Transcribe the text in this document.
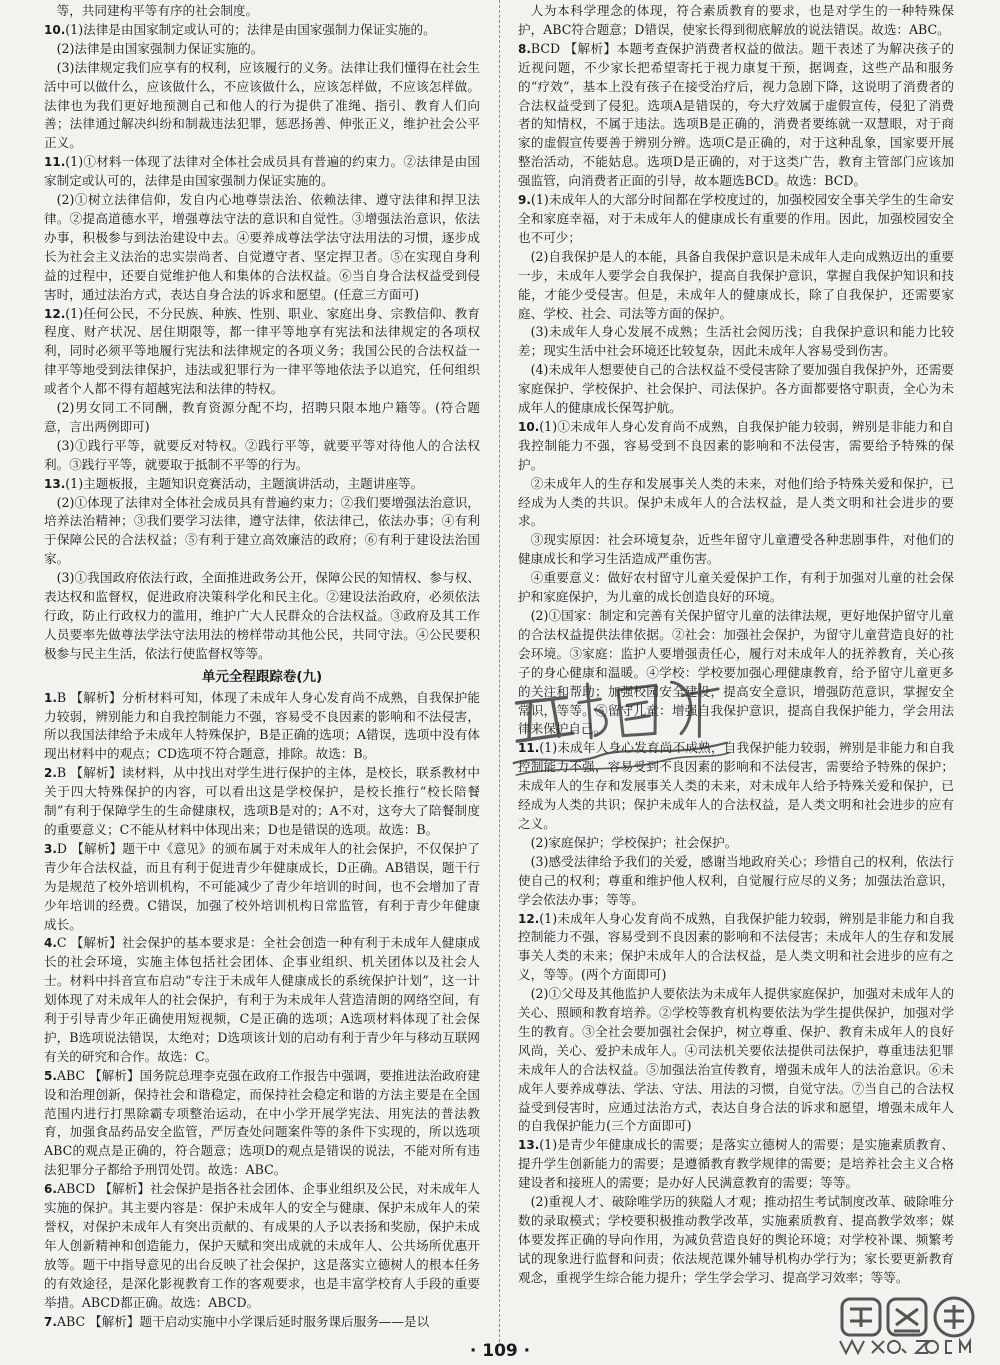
等，共同建构平等有序的社会制度。

10.(1)法律是由国家制定或认可的；法律是由国家强制力保证实施的。

(2)法律是由国家强制力保证实施的。

(3)法律规定我们应享有的权利，应该履行的义务。法律让我们懂得在社会生活中可以做什么，应该做什么，不应该做什么，应该怎样做，不应该怎样做。法律也为我们更好地预测自己和他人的行为提供了准绳、指引、教育人们向善；法律通过解决纠纷和制裁违法犯罪，惩恶扬善、伸张正义，维护社会公平正义。

11.(1)①材料一体现了法律对全体社会成员具有普遍的约束力。②法律是由国家制定或认可的，法律是由国家强制力保证实施的。

(2)①树立法律信仰，发自内心地尊崇法治、依赖法律、遵守法律和捍卫法律。②提高道德水平，增强尊法守法的意识和自觉性。③增强法治意识，依法办事，积极参与到法治建设中去。④要养成尊法学法守法用法的习惯，逐步成长为社会主义法治的忠实崇尚者、自觉遵守者、坚定捍卫者。⑤在实现自身利益的过程中，还要自觉维护他人和集体的合法权益。⑥当自身合法权益受到侵害时，通过法治方式，表达自身合法的诉求和愿望。(任意三方面可)

12.(1)任何公民，不分民族、种族、性别、职业、家庭出身、宗教信仰、教育程度、财产状况、居住期限等，都一律平等地享有宪法和法律规定的各项权利，同时必须平等地履行宪法和法律规定的各项义务；我国公民的合法权益一律平等地受到法律保护，违法或犯罪行为一律平等地依法予以追究，任何组织或者个人都不得有超越宪法和法律的特权。

(2)男女同工不同酬，教育资源分配不均，招聘只限本地户籍等。(符合题意，言出两例即可)

(3)①践行平等，就要反对特权。②践行平等，就要平等对待他人的合法权利。③践行平等，就要取于抵制不平等的行为。

13.(1)主题板报，主题知识竞赛活动，主题演讲活动，主题讲座等。

(2)①体现了法律对全体社会成员具有普遍约束力；②我们要增强法治意识，培养法治精神；③我们要学习法律，遵守法律，依法律己，依法办事；④有利于保障公民的合法权益；⑤有利于建立高效廉洁的政府；⑥有利于建设法治国家。

(3)①我国政府依法行政，全面推进政务公开，保障公民的知情权、参与权、表达权和监督权，促进政府决策科学化和民主化。②建设法治政府，必须依法行政，防止行政权力的滥用，维护广大人民群众的合法权益。③政府及其工作人员要率先做尊法学法守法用法的榜样带动其他公民，共同守法。④公民要积极参与民主生活，依法行使监督权等等。

单元全程跟踪卷(九)

1.B 【解析】分析材料可知，体现了未成年人身心发育尚不成熟，自我保护能力较弱，辨别能力和自我控制能力不强，容易受不良因素的影响和不法侵害，所以我国法律给予未成年人特殊保护，B是正确的选项；A错误，选项中没有体现出材料中的观点；CD选项不符合题意，排除。故选：B。

2.B 【解析】读材料，从中找出对学生进行保护的主体，是校长，联系教材中关于四大特殊保护的内容，可以看出这是学校保护，是校长推行“校长陪餐制”有利于保障学生的生命健康权，选项B是对的；A不对，这夸大了陪餐制度的重要意义；C不能从材料中体现出来；D也是错误的选项。故选：B。

3.D 【解析】题干中《意见》的颁布属于对未成年人的社会保护，不仅保护了青少年合法权益，而且有利于促进青少年健康成长，D正确。AB错误，题干行为是规范了校外培训机构，不可能减少了青少年培训的时间，也不会增加了青少年培训的经费。C错误，加强了校外培训机构日常监管，有利于青少年健康成长。

4.C 【解析】社会保护的基本要求是：全社会创造一种有利于未成年人健康成长的社会环境，实施主体包括社会团体、企事业组织、机关团体以及社会人士。材料中抖音宣布启动“专注于未成年人健康成长的系统保护计划”，这一计划体现了对未成年人的社会保护，有利于为未成年人营造清朗的网络空间，有利于引导青少年正确使用短视频，C是正确的选项；A选项材料体现了社会保护，B选项说法错误，太绝对；D选项该计划的启动有利于青少年与移动互联网有关的研究和合作。故选：C。

5.ABC 【解析】国务院总理李克强在政府工作报告中强调，要推进法治政府建设和治理创新，保持社会和谐稳定，而保持社会稳定和谐的方法主要是在全国范围内进行打黑除霸专项整治运动，在中小学开展学宪法、用宪法的普法教育，加强食品药品安全监管，严厉查处问题案件等的条件下实现的，所以选项ABC的观点是正确的，符合题意；选项D的观点是错误的说法，不能对所有违法犯罪分子都给予刑罚处罚。故选：ABC。

6.ABCD 【解析】社会保护是指各社会团体、企事业组织及公民，对未成年人实施的保护。其主要内容是：保护未成年人的安全与健康、保护未成年人的荣誉权，对保护未成年人有突出贡献的、有成果的人予以表扬和奖励，保护未成年人创新精神和创造能力，保护天赋和突出成就的未成年人、公共场所优惠开放等。题干中指导意见的出台反映了社会保护，这是落实立德树人的根本任务的有效途径，是深化影视教育工作的客观要求，也是丰富学校育人手段的重要举措。ABCD都正确。故选：ABCD。

7.ABC 【解析】题干启动实施中小学课后延时服务课后服务——是以

人为本科学理念的体现，符合素质教育的要求，也是对学生的一种特殊保护，ABC符合题意；D错误，使家长得到彻底解放的说法错误。故选：ABC。

8.BCD 【解析】本题考查保护消费者权益的做法。题干表述了为解决孩子的近视问题，不少家长把希望寄托于视力康复干预，据调查，这些产品和服务的“疗效”，基本上没有孩子在接受治疗后，视力急剧下降，这说明了消费者的合法权益受到了侵犯。选项A是错误的，夸大疗效属于虚假宣传，侵犯了消费者的知情权，不属于违法。选项B是正确的，消费者要练就一双慧眼，对于商家的虚假宣传要善于辨别分辨。选项C是正确的，对于这种乱象，国家要开展整治活动，不能姑息。选项D是正确的，对于这类广告，教育主管部门应该加强监管，向消费者正面的引导，故本题选BCD。故选：BCD。

9.(1)未成年人的大部分时间都在学校度过的，加强校园安全事关学生的生命安全和家庭幸福，对于未成年人的健康成长有重要的作用。因此，加强校园安全也不可少；

(2)自我保护是人的本能，具备自我保护意识是未成年人走向成熟迈出的重要一步，未成年人要学会自我保护，提高自我保护意识，掌握自我保护知识和技能，才能少受侵害。但是，未成年人的健康成长，除了自我保护，还需要家庭、学校、社会、司法等方面的保护。

(3)未成年人身心发展不成熟；生活社会阅历浅；自我保护意识和能力比较差；现实生活中社会环境还比较复杂，因此未成年人容易受到伤害。

(4)未成年人想要使自己的合法权益不受侵害除了要加强自我保护外，还需要家庭保护、学校保护、社会保护、司法保护。各方面都要恪守职责，全心为未成年人的健康成长保驾护航。

10.(1)①未成年人身心发育尚不成熟，自我保护能力较弱，辨别是非能力和自我控制能力不强，容易受到不良因素的影响和不法侵害，需要给予特殊的保护。

②未成年人的生存和发展事关人类的未来，对他们给予特殊关爱和保护，已经成为人类的共识。保护未成年人的合法权益，是人类文明和社会进步的要求。

③现实原因：社会环境复杂，近些年留守儿童遭受各种悲剧事件，对他们的健康成长和学习生活造成严重伤害。

④重要意义：做好农村留守儿童关爱保护工作，有利于加强对儿童的社会保护和家庭保护，为儿童的成长创造良好的环境。

(2)①国家：制定和完善有关保护留守儿童的法律法规，更好地保护留守儿童的合法权益提供法律依据。②社会：加强社会保护，为留守儿童营造良好的社会环境。③家庭：监护人要增强责任心，履行对未成年人的抚养教育，关心孩子的身心健康和温暖。④学校：学校要加强心理健康教育，给予留守儿童更多的关注和帮助；加强校园安全建设，提高安全意识，增强防范意识，掌握安全常识，等等。⑤留守儿童：增强自我保护意识，提高自我保护能力，学会用法律来保护自己。

11.(1)未成年人身心发育尚不成熟，自我保护能力较弱，辨别是非能力和自我控制能力不强，容易受到不良因素的影响和不法侵害，需要给予特殊的保护；未成年人的生存和发展事关人类的未来，对未成年人给予特殊关爱和保护，已经成为人类的共识；保护未成年人的合法权益，是人类文明和社会进步的应有之义。

(2)家庭保护；学校保护；社会保护。

(3)感受法律给予我们的关爱，感谢当地政府关心；珍惜自己的权利，依法行使自己的权利；尊重和维护他人权利，自觉履行应尽的义务；加强法治意识，学会依法办事；等等。

12.(1)未成年人身心发育尚不成熟，自我保护能力较弱，辨别是非能力和自我控制能力不强，容易受到不良因素的影响和不法侵害；未成年人的生存和发展事关人类的未来；保护未成年人的合法权益，是人类文明和社会进步的应有之义，等等。(两个方面即可)

(2)①父母及其他监护人要依法为未成年人提供家庭保护，加强对未成年人的关心、照顾和教育培养。②学校等教育机构要依法为学生提供保护，加强对学生的教育。③全社会要加强社会保护，树立尊重、保护、教育未成年人的良好风尚，关心、爱护未成年人。④司法机关要依法提供司法保护，尊重违法犯罪未成年人的合法权益。⑤加强法治宣传教育，增强未成年人的法治意识。⑥未成年人要养成尊法、学法、守法、用法的习惯，自觉守法。⑦当自己的合法权益受到侵害时，应通过法治方式，表达自身合法的诉求和愿望，增强未成年人的自我保护能力(三个方面即可)

13.(1)是青少年健康成长的需要；是落实立德树人的需要；是实施素质教育、提升学生创新能力的需要；是遵循教育教学规律的需要；是培养社会主义合格建设者和接班人的需要；是办好人民满意教育的需要；等等。

(2)重视人才、破除唯学历的狭隘人才观；推动招生考试制度改革、破除唯分数的录取模式；学校要积极推动教学改革，实施素质教育、提高教学效率；媒体要发挥正确的导向作用，为减负营造良好的舆论环境；对学校补课、频繁考试的现象进行监督和问责；依法规范课外辅导机构办学行为；家长要更新教育观念，重视学生综合能力提升；学生学会学习、提高学习效率；等等。

· 109 ·
